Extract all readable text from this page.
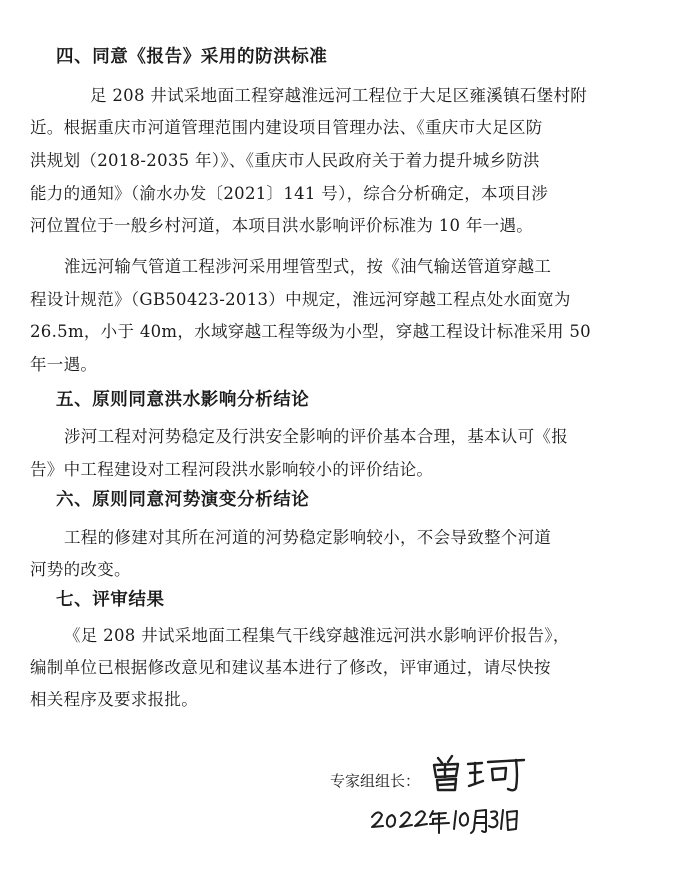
四、同意《报告》采用的防洪标准
足 208 井试采地面工程穿越淮远河工程位于大足区雍溪镇石堡村附
近。根据重庆市河道管理范围内建设项目管理办法、《重庆市大足区防
洪规划（2018-2035 年）》、《重庆市人民政府关于着力提升城乡防洪
能力的通知》（渝水办发〔2021〕141 号），综合分析确定，本项目涉
河位置位于一般乡村河道，本项目洪水影响评价标准为 10 年一遇。
淮远河输气管道工程涉河采用埋管型式，按《油气输送管道穿越工
程设计规范》（GB50423-2013）中规定，淮远河穿越工程点处水面宽为
26.5m，小于 40m，水域穿越工程等级为小型，穿越工程设计标准采用 50
年一遇。
五、原则同意洪水影响分析结论
涉河工程对河势稳定及行洪安全影响的评价基本合理，基本认可《报
告》中工程建设对工程河段洪水影响较小的评价结论。
六、原则同意河势演变分析结论
工程的修建对其所在河道的河势稳定影响较小，不会导致整个河道
河势的改变。
七、评审结果
《足 208 井试采地面工程集气干线穿越淮远河洪水影响评价报告》，
编制单位已根据修改意见和建议基本进行了修改，评审通过，请尽快按
相关程序及要求报批。
专家组组长：
